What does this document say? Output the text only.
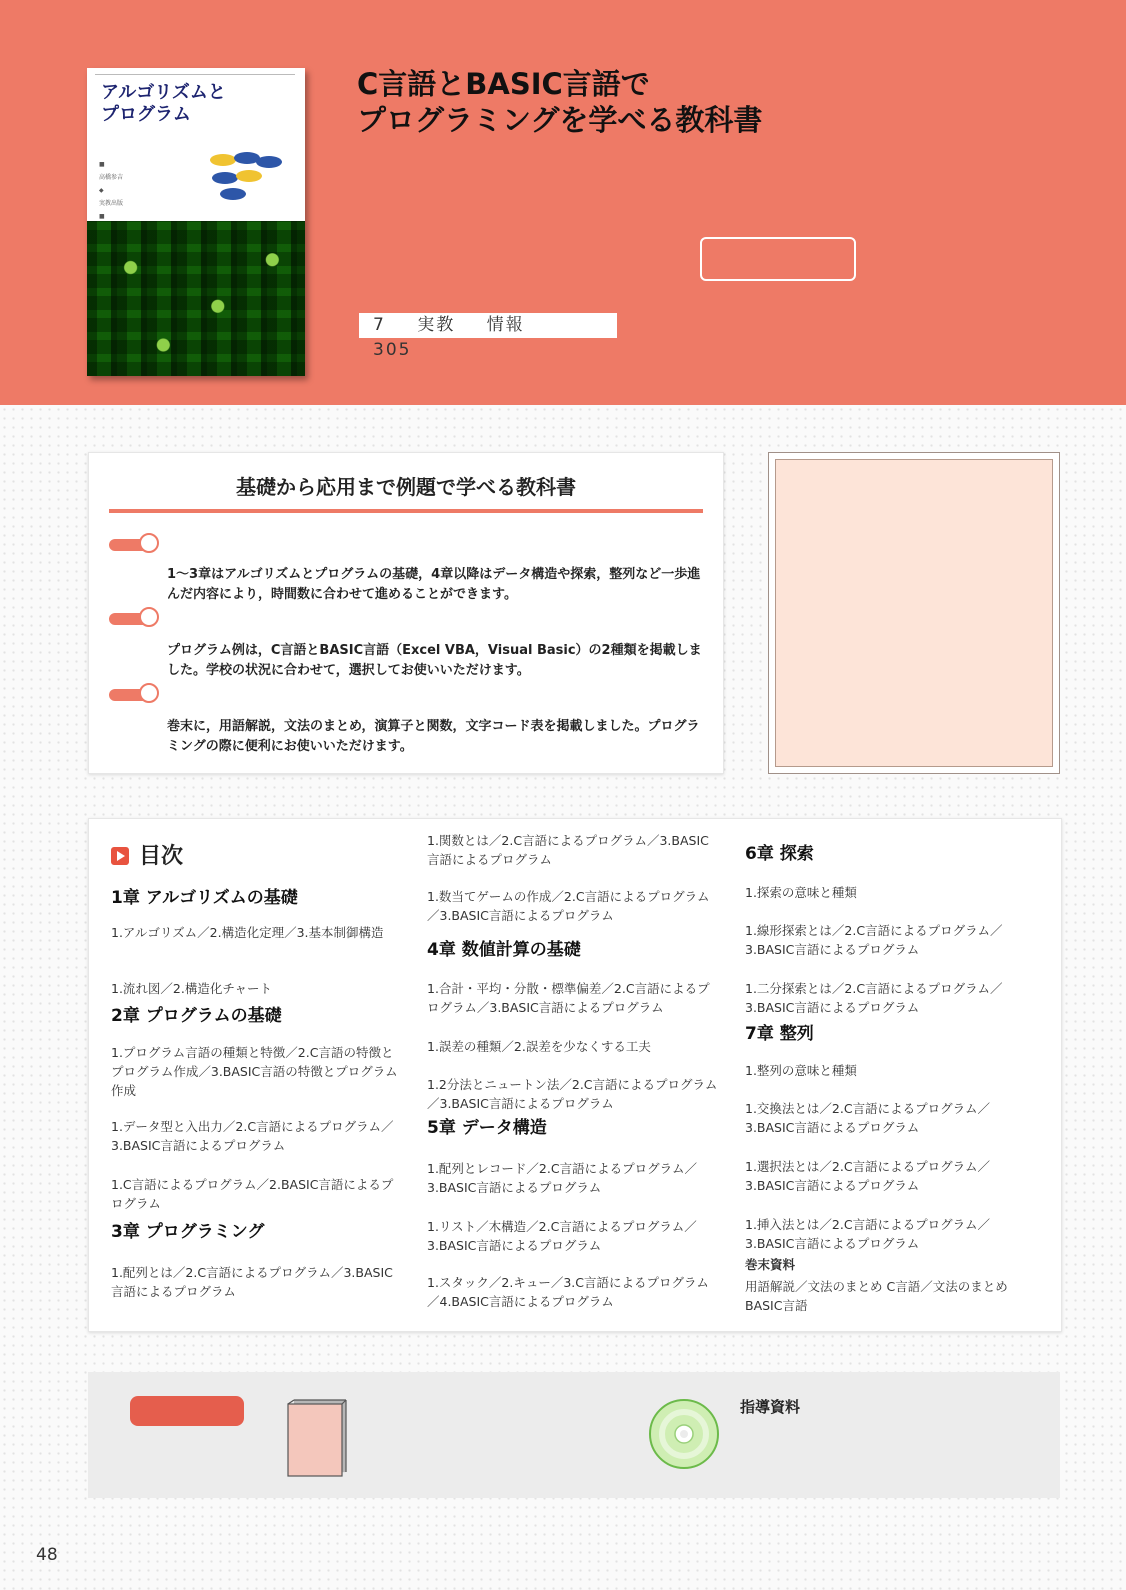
アルゴリズムと
プログラム
■
高橋参吉
◆
実教出版
■
C言語とBASIC言語で
プログラミングを学べる教科書
7 実教 情報 305
基礎から応用まで例題で学べる教科書

1～3章はアルゴリズムとプログラムの基礎，4章以降はデータ構造や探索，整列など一歩進んだ内容により，時間数に合わせて進めることができます。

プログラム例は，C言語とBASIC言語（Excel VBA，Visual Basic）の2種類を掲載しました。学校の状況に合わせて，選択してお使いいただけます。

巻末に，用語解説，文法のまとめ，演算子と関数，文字コード表を掲載しました。プログラミングの際に便利にお使いいただけます。

目次

1章 アルゴリズムの基礎

1.アルゴリズム／2.構造化定理／3.基本制御構造

1.流れ図／2.構造化チャート

2章 プログラムの基礎

1.プログラム言語の種類と特徴／2.C言語の特徴とプログラム作成／3.BASIC言語の特徴とプログラム作成

1.データ型と入出力／2.C言語によるプログラム／3.BASIC言語によるプログラム

1.C言語によるプログラム／2.BASIC言語によるプログラム

3章 プログラミング

1.配列とは／2.C言語によるプログラム／3.BASIC言語によるプログラム

1.関数とは／2.C言語によるプログラム／3.BASIC言語によるプログラム

1.数当てゲームの作成／2.C言語によるプログラム／3.BASIC言語によるプログラム

4章 数値計算の基礎

1.合計・平均・分散・標準偏差／2.C言語によるプログラム／3.BASIC言語によるプログラム

1.誤差の種類／2.誤差を少なくする工夫

1.2分法とニュートン法／2.C言語によるプログラム／3.BASIC言語によるプログラム

5章 データ構造

1.配列とレコード／2.C言語によるプログラム／3.BASIC言語によるプログラム

1.リスト／木構造／2.C言語によるプログラム／3.BASIC言語によるプログラム

1.スタック／2.キュー／3.C言語によるプログラム／4.BASIC言語によるプログラム

6章 探索

1.探索の意味と種類

1.線形探索とは／2.C言語によるプログラム／3.BASIC言語によるプログラム

1.二分探索とは／2.C言語によるプログラム／3.BASIC言語によるプログラム

7章 整列

1.整列の意味と種類

1.交換法とは／2.C言語によるプログラム／3.BASIC言語によるプログラム

1.選択法とは／2.C言語によるプログラム／3.BASIC言語によるプログラム

1.挿入法とは／2.C言語によるプログラム／3.BASIC言語によるプログラム

巻末資料

用語解説／文法のまとめ C言語／文法のまとめ BASIC言語

指導資料

48
